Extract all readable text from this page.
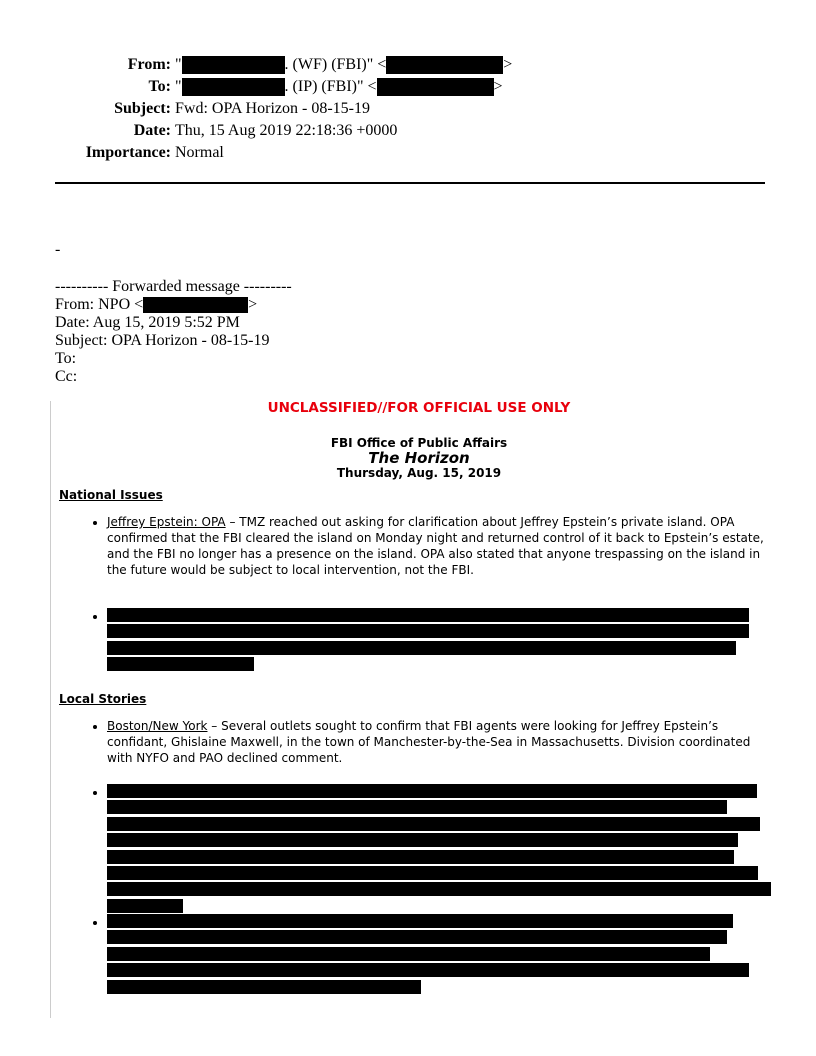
From: "	. (WF) (FBI)" <	>
To: "	. (IP) (FBI)" <	>
Subject: Fwd: OPA Horizon - 08-15-19
Date: Thu, 15 Aug 2019 22:18:36 +0000
Importance: Normal
-
---------- Forwarded message ---------
From: NPO <	>
Date: Aug 15, 2019 5:52 PM
Subject: OPA Horizon - 08-15-19
To:
Cc:
UNCLASSIFIED//FOR OFFICIAL USE ONLY
FBI Office of Public Affairs
The Horizon
Thursday, Aug. 15, 2019
National Issues
• Jeffrey Epstein: OPA – TMZ reached out asking for clarification about Jeffrey Epstein’s private island. OPA confirmed that the FBI cleared the island on Monday night and returned control of it back to Epstein’s estate, and the FBI no longer has a presence on the island. OPA also stated that anyone trespassing on the island in the future would be subject to local intervention, not the FBI.
•
Local Stories
• Boston/New York – Several outlets sought to confirm that FBI agents were looking for Jeffrey Epstein’s confidant, Ghislaine Maxwell, in the town of Manchester-by-the-Sea in Massachusetts. Division coordinated with NYFO and PAO declined comment.
•
•
